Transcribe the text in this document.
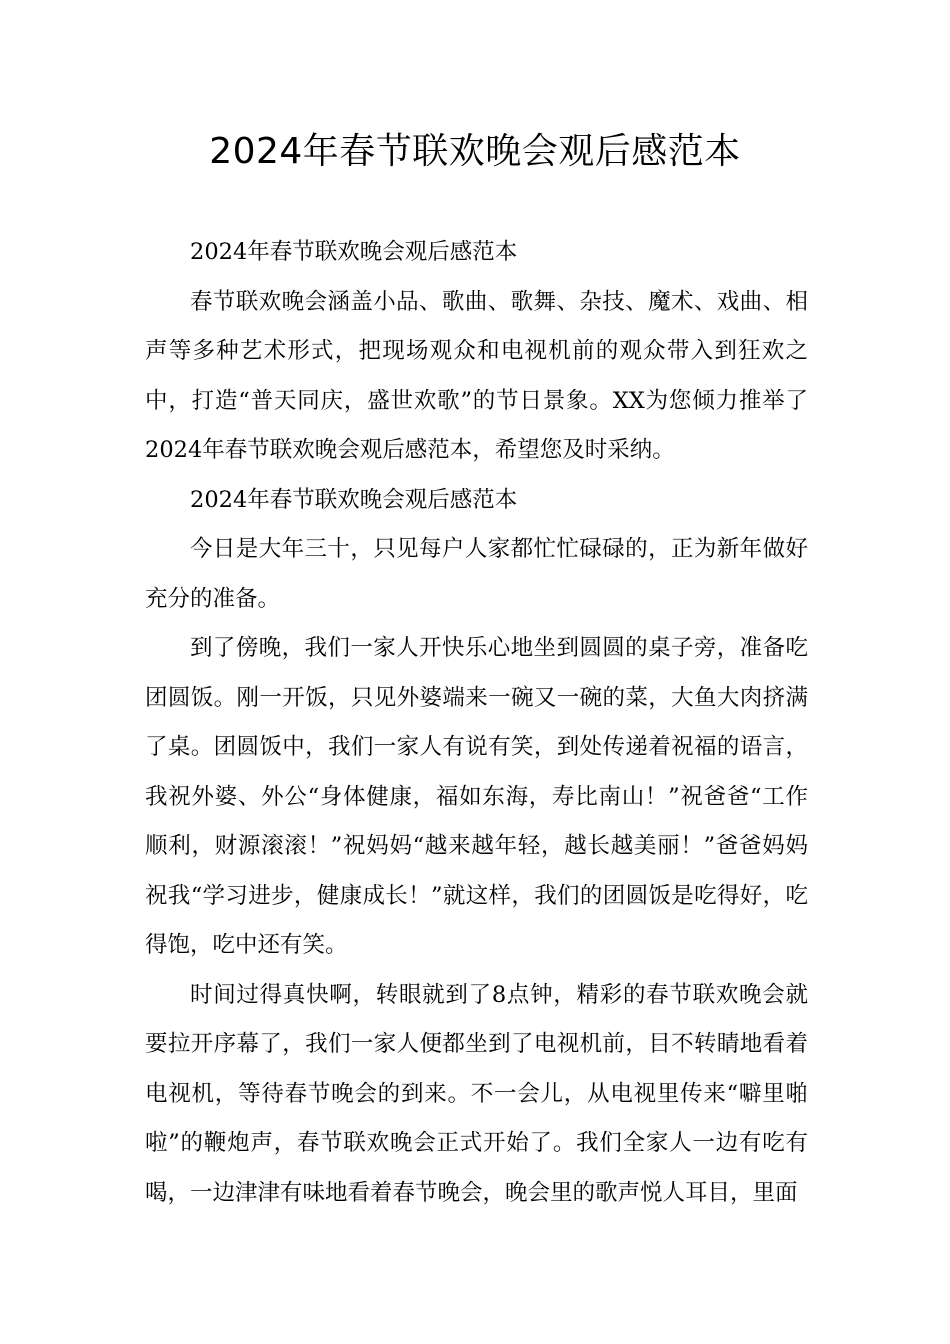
2024年春节联欢晚会观后感范本

2024年春节联欢晚会观后感范本

春节联欢晚会涵盖小品、歌曲、歌舞、杂技、魔术、戏曲、相声等多种艺术形式，把现场观众和电视机前的观众带入到狂欢之中，打造“普天同庆，盛世欢歌”的节日景象。XX为您倾力推举了2024年春节联欢晚会观后感范本，希望您及时采纳。

2024年春节联欢晚会观后感范本

今日是大年三十，只见每户人家都忙忙碌碌的，正为新年做好充分的准备。

到了傍晚，我们一家人开快乐心地坐到圆圆的桌子旁，准备吃团圆饭。刚一开饭，只见外婆端来一碗又一碗的菜，大鱼大肉挤满了桌。团圆饭中，我们一家人有说有笑，到处传递着祝福的语言，我祝外婆、外公“身体健康，福如东海，寿比南山！”祝爸爸“工作顺利，财源滚滚！”祝妈妈“越来越年轻，越长越美丽！”爸爸妈妈祝我“学习进步，健康成长！”就这样，我们的团圆饭是吃得好，吃得饱，吃中还有笑。

时间过得真快啊，转眼就到了8点钟，精彩的春节联欢晚会就要拉开序幕了，我们一家人便都坐到了电视机前，目不转睛地看着电视机，等待春节晚会的到来。不一会儿，从电视里传来“噼里啪啦”的鞭炮声，春节联欢晚会正式开始了。我们全家人一边有吃有喝，一边津津有味地看着春节晚会，晚会里的歌声悦人耳目，里面
